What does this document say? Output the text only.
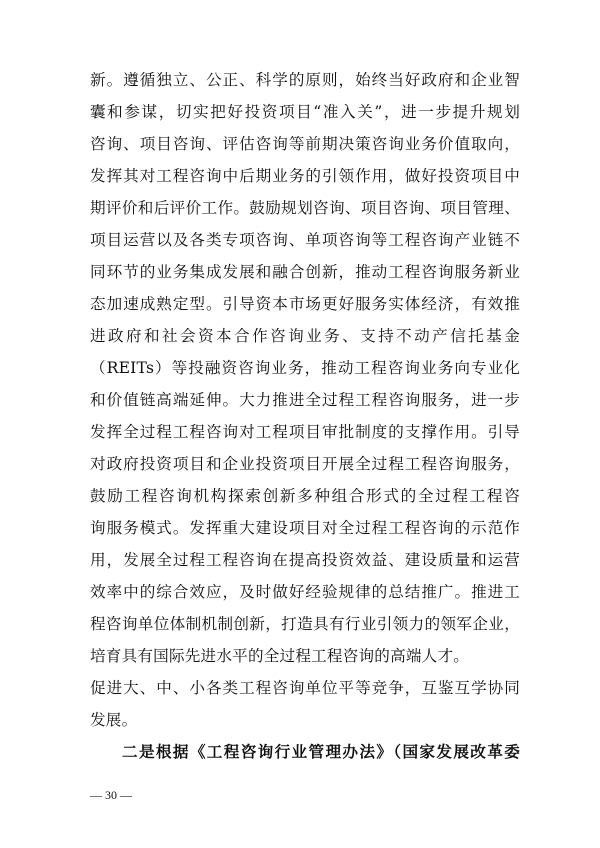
新。遵循独立、公正、科学的原则，始终当好政府和企业智
囊和参谋，切实把好投资项目“准入关”，进一步提升规划
咨询、项目咨询、评估咨询等前期决策咨询业务价值取向，
发挥其对工程咨询中后期业务的引领作用，做好投资项目中
期评价和后评价工作。鼓励规划咨询、项目咨询、项目管理、
项目运营以及各类专项咨询、单项咨询等工程咨询产业链不
同环节的业务集成发展和融合创新，推动工程咨询服务新业
态加速成熟定型。引导资本市场更好服务实体经济，有效推
进政府和社会资本合作咨询业务、支持不动产信托基金
（REITs）等投融资咨询业务，推动工程咨询业务向专业化
和价值链高端延伸。大力推进全过程工程咨询服务，进一步
发挥全过程工程咨询对工程项目审批制度的支撑作用。引导
对政府投资项目和企业投资项目开展全过程工程咨询服务，
鼓励工程咨询机构探索创新多种组合形式的全过程工程咨
询服务模式。发挥重大建设项目对全过程工程咨询的示范作
用，发展全过程工程咨询在提高投资效益、建设质量和运营
效率中的综合效应，及时做好经验规律的总结推广。推进工
程咨询单位体制机制创新，打造具有行业引领力的领军企业，
培育具有国际先进水平的全过程工程咨询的高端人才。
促进大、中、小各类工程咨询单位平等竞争，互鉴互学协同
发展。
二是根据《工程咨询行业管理办法》（国家发展改革委
— 30 —
